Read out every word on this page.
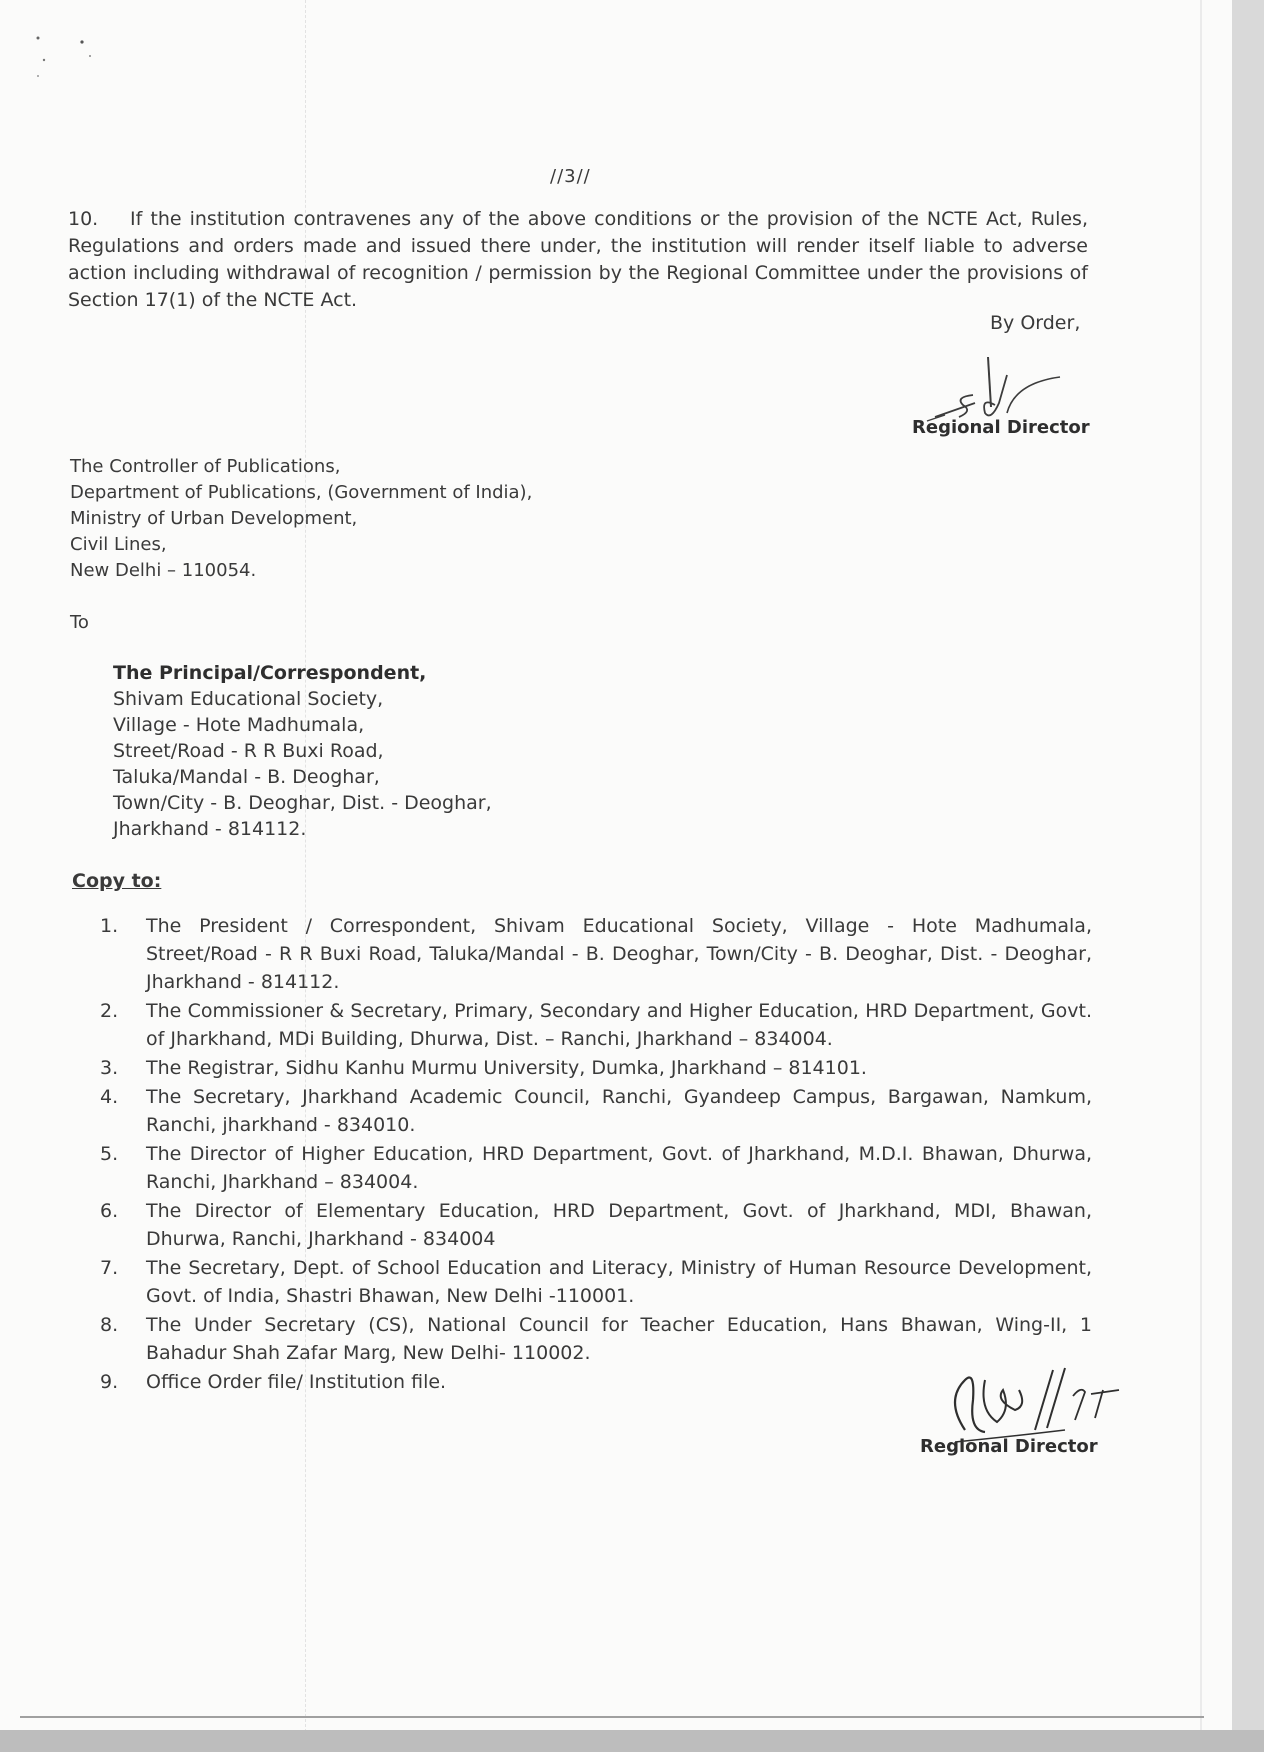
//3//
10. If the institution contravenes any of the above conditions or the provision of the NCTE Act, Rules, Regulations and orders made and issued there under, the institution will render itself liable to adverse action including withdrawal of recognition / permission by the Regional Committee under the provisions of Section 17(1) of the NCTE Act.
By Order,
Regional Director
The Controller of Publications,
Department of Publications, (Government of India),
Ministry of Urban Development,
Civil Lines,
New Delhi – 110054.
To
The Principal/Correspondent,
Shivam Educational Society,
Village - Hote Madhumala,
Street/Road - R R Buxi Road,
Taluka/Mandal - B. Deoghar,
Town/City - B. Deoghar, Dist. - Deoghar,
Jharkhand - 814112.
Copy to:
1.	The President / Correspondent, Shivam Educational Society, Village - Hote Madhumala, Street/Road - R R Buxi Road, Taluka/Mandal - B. Deoghar, Town/City - B. Deoghar, Dist. - Deoghar, Jharkhand - 814112.
2.	The Commissioner & Secretary, Primary, Secondary and Higher Education, HRD Department, Govt. of Jharkhand, MDi Building, Dhurwa, Dist. – Ranchi, Jharkhand – 834004.
3.	The Registrar, Sidhu Kanhu Murmu University, Dumka, Jharkhand – 814101.
4.	The Secretary, Jharkhand Academic Council, Ranchi, Gyandeep Campus, Bargawan, Namkum, Ranchi, jharkhand - 834010.
5.	The Director of Higher Education, HRD Department, Govt. of Jharkhand, M.D.I. Bhawan, Dhurwa, Ranchi, Jharkhand – 834004.
6.	The Director of Elementary Education, HRD Department, Govt. of Jharkhand, MDI, Bhawan, Dhurwa, Ranchi, Jharkhand - 834004
7.	The Secretary, Dept. of School Education and Literacy, Ministry of Human Resource Development, Govt. of India, Shastri Bhawan, New Delhi -110001.
8.	The Under Secretary (CS), National Council for Teacher Education, Hans Bhawan, Wing-II, 1 Bahadur Shah Zafar Marg, New Delhi- 110002.
9.	Office Order file/ Institution file.
Regional Director
